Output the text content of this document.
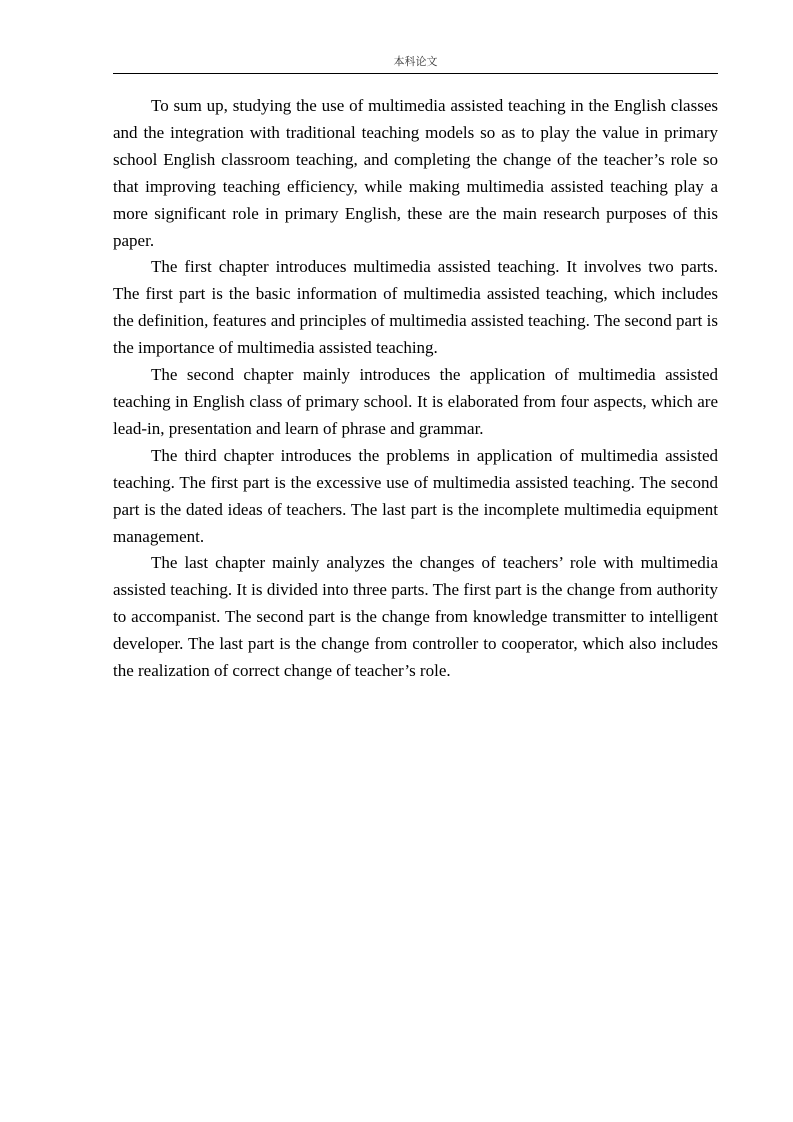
本科论文

To sum up, studying the use of multimedia assisted teaching in the English classes and the integration with traditional teaching models so as to play the value in primary school English classroom teaching, and completing the change of the teacher’s role so that improving teaching efficiency, while making multimedia assisted teaching play a more significant role in primary English, these are the main research purposes of this paper.

The first chapter introduces multimedia assisted teaching. It involves two parts. The first part is the basic information of multimedia assisted teaching, which includes the definition, features and principles of multimedia assisted teaching. The second part is the importance of multimedia assisted teaching.

The second chapter mainly introduces the application of multimedia assisted teaching in English class of primary school. It is elaborated from four aspects, which are lead-in, presentation and learn of phrase and grammar.

The third chapter introduces the problems in application of multimedia assisted teaching. The first part is the excessive use of multimedia assisted teaching. The second part is the dated ideas of teachers. The last part is the incomplete multimedia equipment management.

The last chapter mainly analyzes the changes of teachers’ role with multimedia assisted teaching. It is divided into three parts. The first part is the change from authority to accompanist. The second part is the change from knowledge transmitter to intelligent developer. The last part is the change from controller to cooperator, which also includes the realization of correct change of teacher’s role.
